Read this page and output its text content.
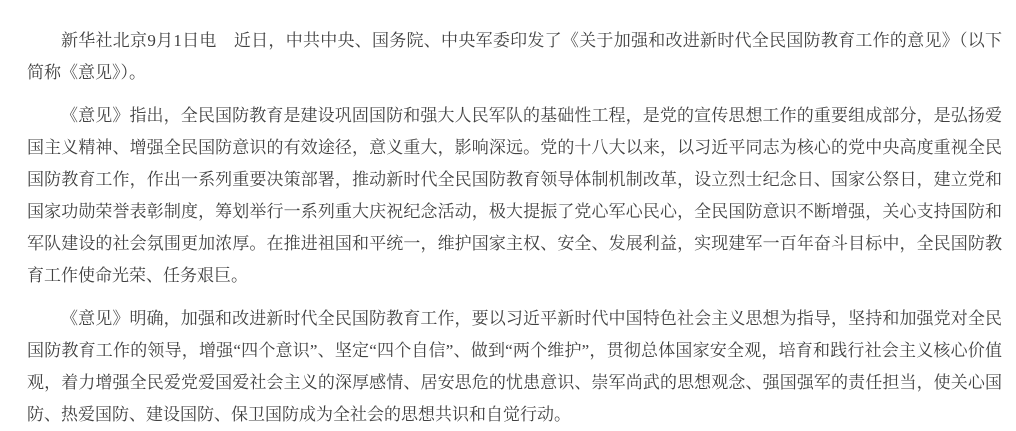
新华社北京9月1日电　近日，中共中央、国务院、中央军委印发了《关于加强和改进新时代全民国防教育工作的意见》（以下简称《意见》）。

《意见》指出，全民国防教育是建设巩固国防和强大人民军队的基础性工程，是党的宣传思想工作的重要组成部分，是弘扬爱国主义精神、增强全民国防意识的有效途径，意义重大，影响深远。党的十八大以来，以习近平同志为核心的党中央高度重视全民国防教育工作，作出一系列重要决策部署，推动新时代全民国防教育领导体制机制改革，设立烈士纪念日、国家公祭日，建立党和国家功勋荣誉表彰制度，筹划举行一系列重大庆祝纪念活动，极大提振了党心军心民心，全民国防意识不断增强，关心支持国防和军队建设的社会氛围更加浓厚。在推进祖国和平统一，维护国家主权、安全、发展利益，实现建军一百年奋斗目标中，全民国防教育工作使命光荣、任务艰巨。

《意见》明确，加强和改进新时代全民国防教育工作，要以习近平新时代中国特色社会主义思想为指导，坚持和加强党对全民国防教育工作的领导，增强“四个意识”、坚定“四个自信”、做到“两个维护”，贯彻总体国家安全观，培育和践行社会主义核心价值观，着力增强全民爱党爱国爱社会主义的深厚感情、居安思危的忧患意识、崇军尚武的思想观念、强国强军的责任担当，使关心国防、热爱国防、建设国防、保卫国防成为全社会的思想共识和自觉行动。
